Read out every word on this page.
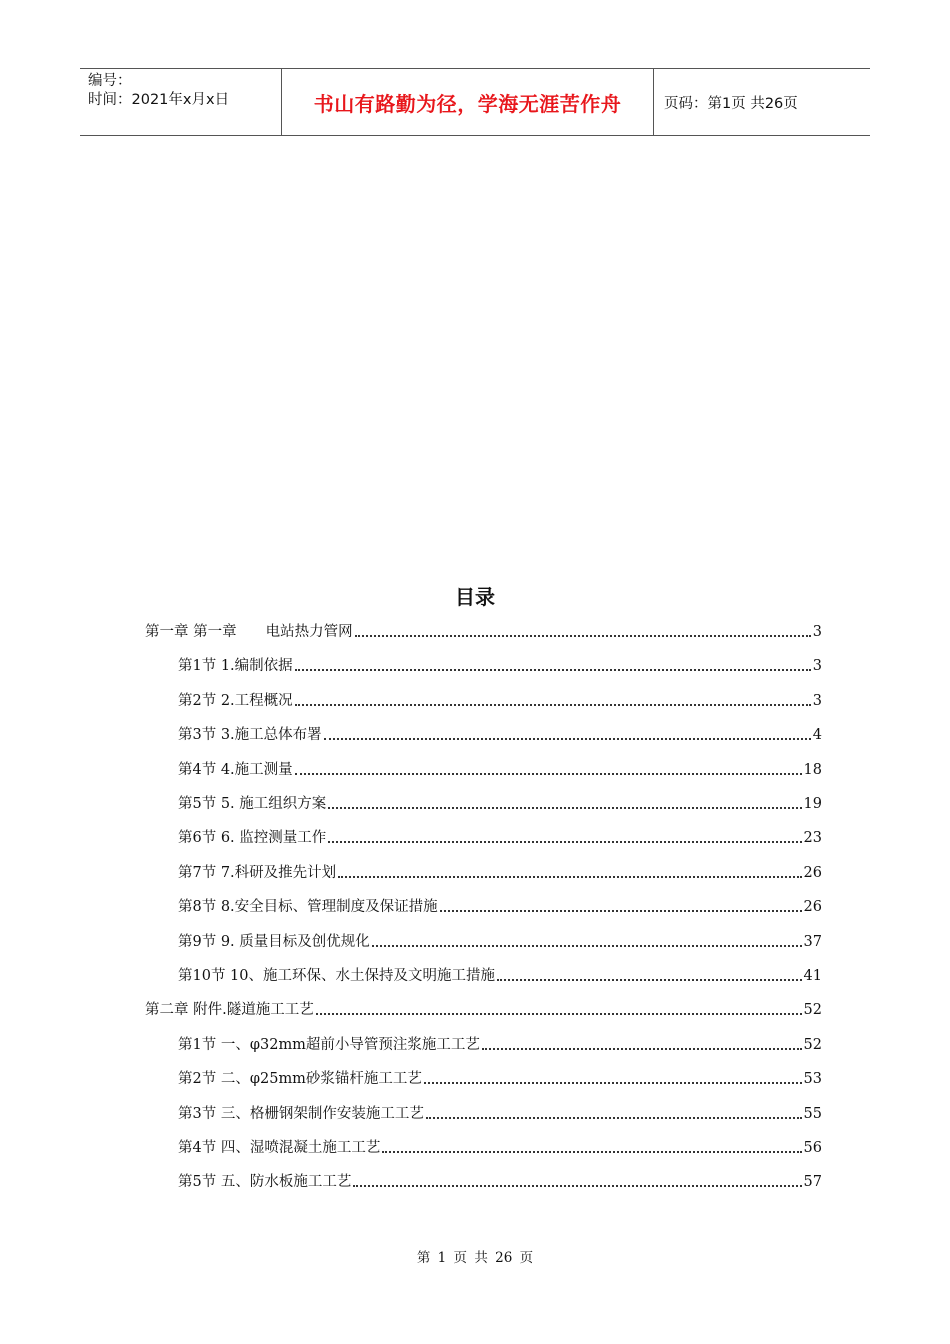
编号：
时间：2021年x月x日	书山有路勤为径，学海无涯苦作舟	页码：第1页 共26页
目录
第一章 第一章　　电站热力管网	3
第1节 1.编制依据	3
第2节 2.工程概况	3
第3节 3.施工总体布署	4
第4节 4.施工测量	18
第5节 5. 施工组织方案	19
第6节 6. 监控测量工作	23
第7节 7.科研及推先计划	26
第8节 8.安全目标、管理制度及保证措施	26
第9节 9. 质量目标及创优规化	37
第10节 10、施工环保、水土保持及文明施工措施	41
第二章 附件.隧道施工工艺	52
第1节 一、φ32mm超前小导管预注浆施工工艺	52
第2节 二、φ25mm砂浆锚杆施工工艺	53
第3节 三、格栅钢架制作安装施工工艺	55
第4节 四、湿喷混凝土施工工艺	56
第5节 五、防水板施工工艺	57
第 1 页 共 26 页
